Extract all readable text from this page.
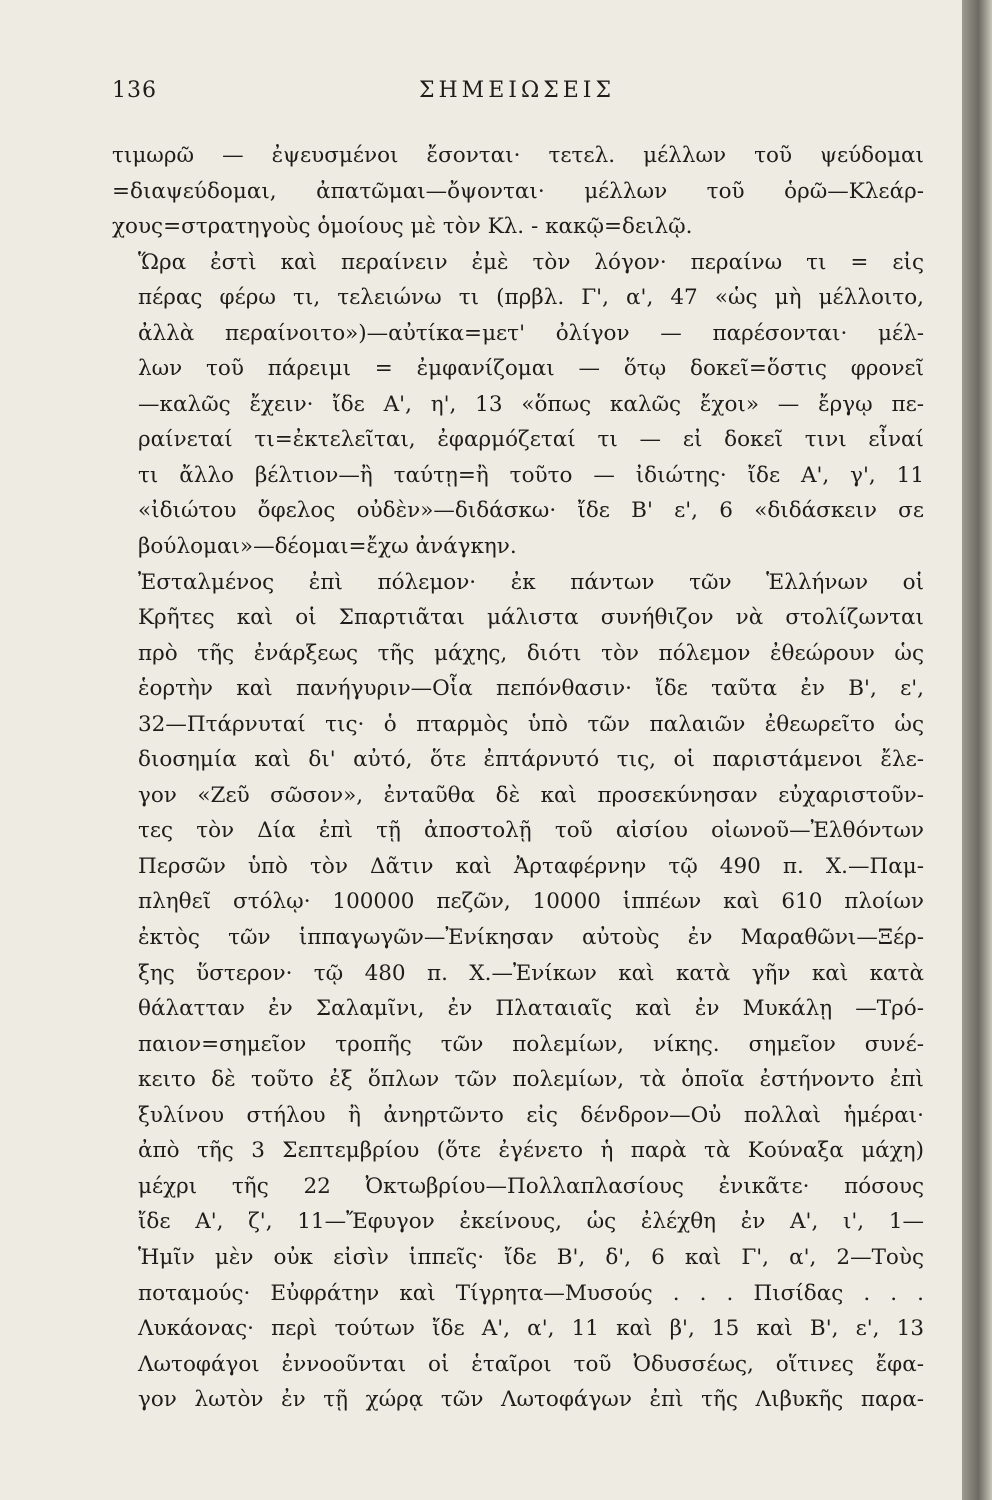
136	ΣΗΜΕΙΩΣΕΙΣ

τιμωρῶ — ἐψευσμένοι ἔσονται· τετελ. μέλλων τοῦ ψεύδομαι
=διαψεύδομαι, ἀπατῶμαι—ὄψονται· μέλλων τοῦ ὁρῶ—Κλεάρ-
χους=στρατηγοὺς ὁμοίους μὲ τὸν Κλ. - κακῷ=δειλῷ.

Ὥρα ἐστὶ καὶ περαίνειν ἐμὲ τὸν λόγον· περαίνω τι = εἰς
πέρας φέρω τι, τελειώνω τι (πρβλ. Γ', α', 47 «ὡς μὴ μέλλοιτο,
ἀλλὰ περαίνοιτο»)—αὐτίκα=μετ' ὀλίγον — παρέσονται· μέλ-
λων τοῦ πάρειμι = ἐμφανίζομαι — ὅτῳ δοκεῖ=ὅστις φρονεῖ
—καλῶς ἔχειν· ἴδε Α', η', 13 «ὅπως καλῶς ἔχοι» — ἔργῳ πε-
ραίνεταί τι=ἐκτελεῖται, ἐφαρμόζεταί τι — εἰ δοκεῖ τινι εἶναί
τι ἄλλο βέλτιον—ἢ ταύτῃ=ἢ τοῦτο — ἰδιώτης· ἴδε Α', γ', 11
«ἰδιώτου ὄφελος οὐδὲν»—διδάσκω· ἴδε Β' ε', 6 «διδάσκειν σε
βούλομαι»—δέομαι=ἔχω ἀνάγκην.

Ἐσταλμένος ἐπὶ πόλεμον· ἐκ πάντων τῶν Ἑλλήνων οἱ
Κρῆτες καὶ οἱ Σπαρτιᾶται μάλιστα συνήθιζον νὰ στολίζωνται
πρὸ τῆς ἐνάρξεως τῆς μάχης, διότι τὸν πόλεμον ἐθεώρουν ὡς
ἑορτὴν καὶ πανήγυριν—Οἷα πεπόνθασιν· ἴδε ταῦτα ἐν Β', ε',
32—Πτάρνυταί τις· ὁ πταρμὸς ὑπὸ τῶν παλαιῶν ἐθεωρεῖτο ὡς
διοσημία καὶ δι' αὐτό, ὅτε ἐπτάρνυτό τις, οἱ παριστάμενοι ἔλε-
γον «Ζεῦ σῶσον», ἐνταῦθα δὲ καὶ προσεκύνησαν εὐχαριστοῦν-
τες τὸν Δία ἐπὶ τῇ ἀποστολῇ τοῦ αἰσίου οἰωνοῦ—Ἐλθόντων
Περσῶν ὑπὸ τὸν Δᾶτιν καὶ Ἀρταφέρνην τῷ 490 π. Χ.—Παμ-
πληθεῖ στόλῳ· 100000 πεζῶν, 10000 ἱππέων καὶ 610 πλοίων
ἐκτὸς τῶν ἱππαγωγῶν—Ἐνίκησαν αὐτοὺς ἐν Μαραθῶνι—Ξέρ-
ξης ὕστερον· τῷ 480 π. Χ.—Ἐνίκων καὶ κατὰ γῆν καὶ κατὰ
θάλατταν ἐν Σαλαμῖνι, ἐν Πλαταιαῖς καὶ ἐν Μυκάλῃ —Τρό-
παιον=σημεῖον τροπῆς τῶν πολεμίων, νίκης. σημεῖον συνέ-
κειτο δὲ τοῦτο ἐξ ὅπλων τῶν πολεμίων, τὰ ὁποῖα ἐστήνοντο ἐπὶ
ξυλίνου στήλου ἢ ἀνηρτῶντο εἰς δένδρον—Οὐ πολλαὶ ἡμέραι·
ἀπὸ τῆς 3 Σεπτεμβρίου (ὅτε ἐγένετο ἡ παρὰ τὰ Κούναξα μάχη)
μέχρι τῆς 22 Ὀκτωβρίου—Πολλαπλασίους ἐνικᾶτε· πόσους
ἴδε Α', ζ', 11—Ἔφυγον ἐκείνους, ὡς ἐλέχθη ἐν Α', ι', 1—
Ἡμῖν μὲν οὐκ εἰσὶν ἱππεῖς· ἴδε Β', δ', 6 καὶ Γ', α', 2—Τοὺς
ποταμούς· Εὐφράτην καὶ Τίγρητα—Μυσούς . . . Πισίδας . . .
Λυκάονας· περὶ τούτων ἴδε Α', α', 11 καὶ β', 15 καὶ Β', ε', 13
Λωτοφάγοι ἐννοοῦνται οἱ ἑταῖροι τοῦ Ὀδυσσέως, οἵτινες ἔφα-
γον λωτὸν ἐν τῇ χώρᾳ τῶν Λωτοφάγων ἐπὶ τῆς Λιβυκῆς παρα-
